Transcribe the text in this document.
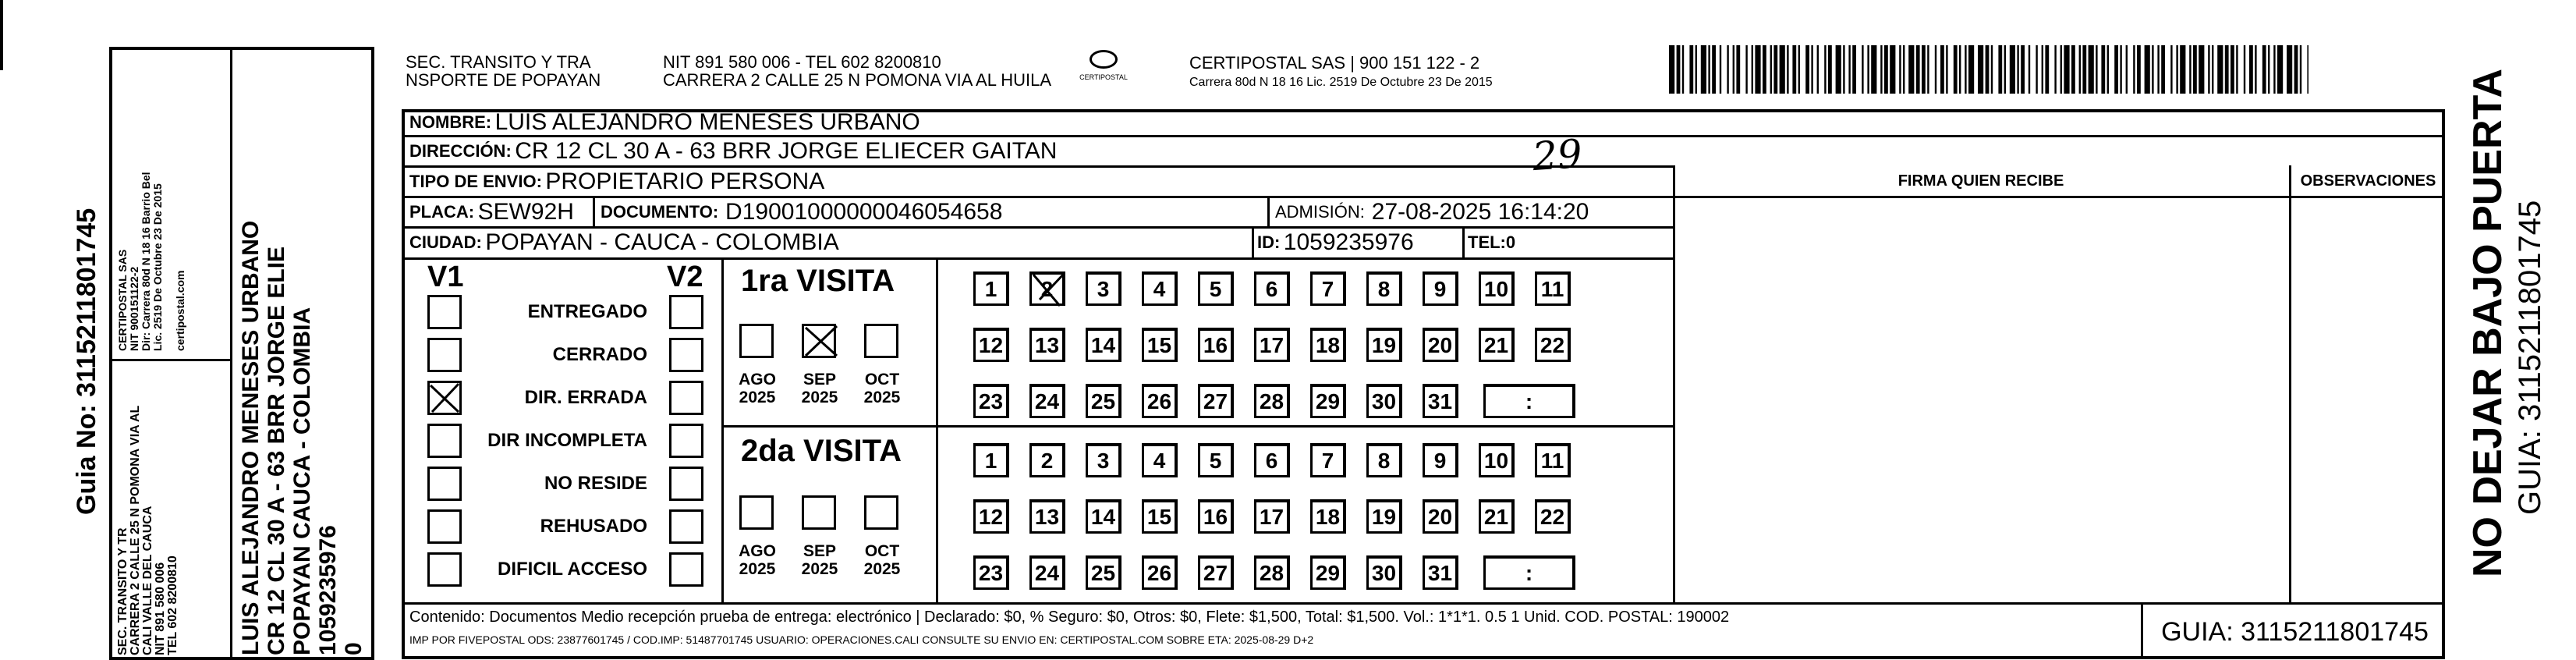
Guia No: 3115211801745
SEC. TRANSITO Y TR CARRERA 2 CALLE 25 N POMONA VIA AL CALI VALLE DEL CAUCA NIT 891 580 006 TEL 602 8200810
CERTIPOSTAL SAS NIT 900151122-2 Dir: Carrera 80d N 18 16 Barrio Bel Lic. 2519 De Octubre 23 De 2015 certipostal.com LUIS ALEJANDRO MENESES URBANO CR 12 CL 30 A - 63 BRR JORGE ELIE POPAYAN CAUCA - COLOMBIA 1059235976 0
SEC. TRANSITO Y TRA
NSPORTE DE POPAYAN
NIT 891 580 006 - TEL 602 8200810
CARRERA 2 CALLE 25 N POMONA VIA AL HUILA	CERTIPOSTAL
CERTIPOSTAL SAS | 900 151 122 - 2
Carrera 80d N 18 16 Lic. 2519 De Octubre 23 De 2015
NOMBRE:
LUIS ALEJANDRO MENESES URBANO
DIRECCIÓN:
CR 12 CL 30 A - 63 BRR JORGE ELIECER GAITAN	29
TIPO DE ENVIO:
PROPIETARIO PERSONA	FIRMA QUIEN RECIBE	OBSERVACIONES
PLACA:
SEW92H DOCUMENTO:
D19001000000046054658	ADMISIÓN:
27-08-2025 16:14:20
CIUDAD:
POPAYAN - CAUCA - COLOMBIA	ID:
1059235976	TEL: 0
V1	V2
ENTREGADO
CERRADO
DIR. ERRADA
DIR INCOMPLETA
NO RESIDE
REHUSADO
DIFICIL ACCESO
1ra VISITA
2da VISITA
AGO
2025
SEP
2025
OCT
2025
AGO
2025
SEP
2025
OCT
2025
1	2	3	4	5	6	7	8	9	10 11
12 13 14 15 16 17 18 19 20 21 22
23 24 25 26 27 28 29 30 31	:
1	2	3	4	5	6	7	8	9	10 11
12 13 14 15 16 17 18 19 20 21 22
23 24 25 26 27 28 29 30 31	:
Contenido: Documentos Medio recepción prueba de entrega: electrónico | Declarado: $0, % Seguro: $0, Otros: $0, Flete: $1,500, Total: $1,500. Vol.: 1*1*1. 0.5 1 Unid. COD. POSTAL: 190002
IMP POR FIVEPOSTAL ODS: 23877601745 / COD.IMP: 51487701745 USUARIO: OPERACIONES.CALI CONSULTE SU ENVIO EN: CERTIPOSTAL.COM SOBRE ETA: 2025-08-29 D+2	GUIA: 3115211801745
NO DEJAR BAJO PUERTA GUIA: 3115211801745
